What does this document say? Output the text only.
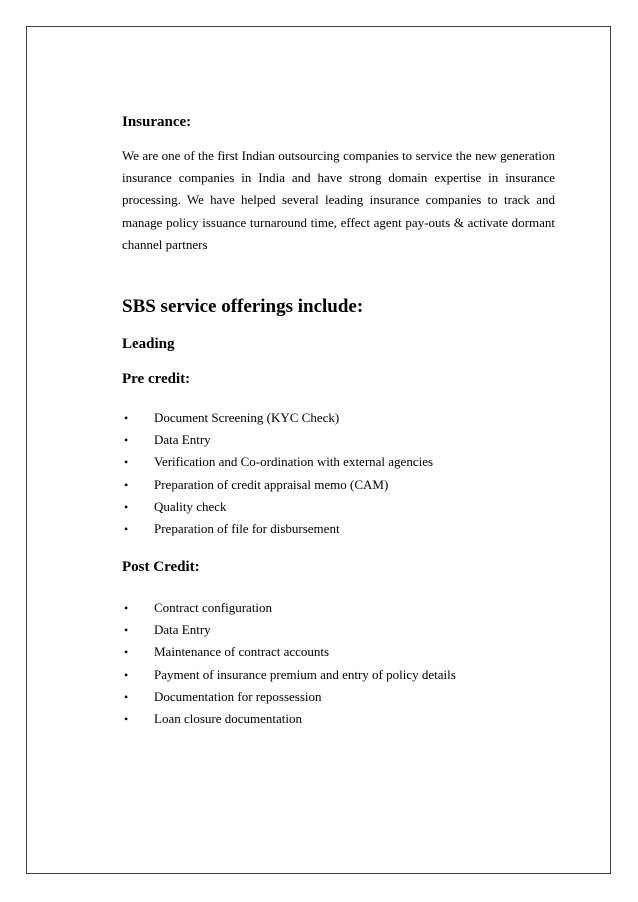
Insurance:

We are one of the first Indian outsourcing companies to service the new generation insurance companies in India and have strong domain expertise in insurance processing. We have helped several leading insurance companies to track and manage policy issuance turnaround time, effect agent pay-outs & activate dormant channel partners

SBS service offerings include:
Leading
Pre credit:
• Document Screening (KYC Check)
• Data Entry
• Verification and Co-ordination with external agencies
• Preparation of credit appraisal memo (CAM)
• Quality check
• Preparation of file for disbursement
Post Credit:
• Contract configuration
• Data Entry
• Maintenance of contract accounts
• Payment of insurance premium and entry of policy details
• Documentation for repossession
• Loan closure documentation
